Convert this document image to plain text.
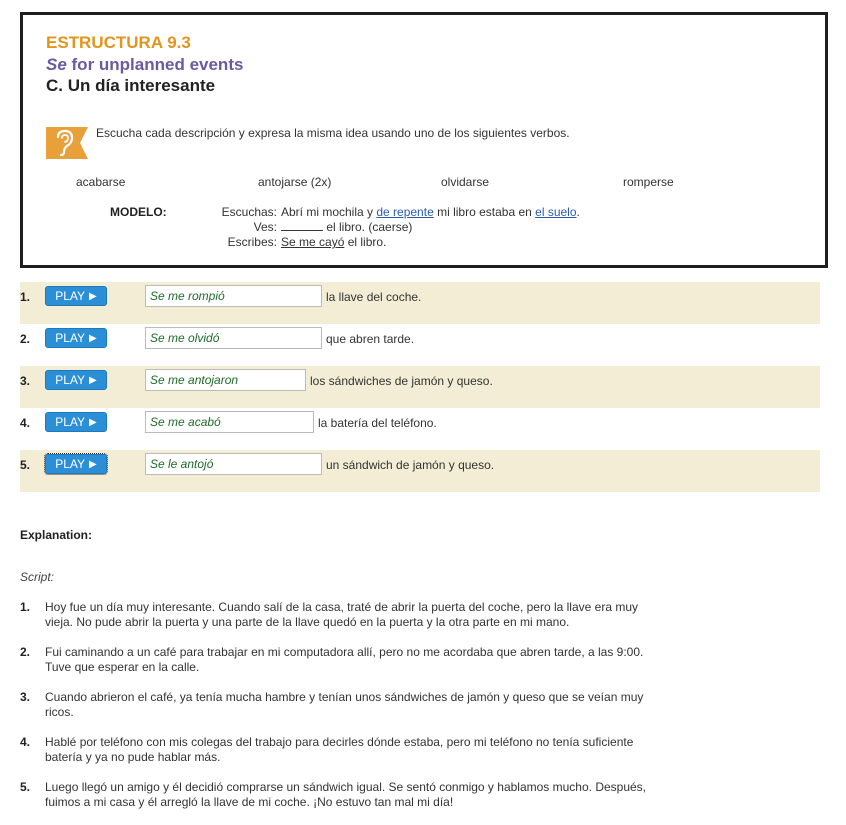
ESTRUCTURA 9.3
Se for unplanned events
C. Un día interesante
Escucha cada descripción y expresa la misma idea usando uno de los siguientes verbos.
acabarse	antojarse (2x)	olvidarse	romperse
MODELO:	Escuchas: Abrí mi mochila y de repente mi libro estaba en el suelo.
Ves:	el libro. (caerse)
Escribes: Se me cayó el libro.
1. PLAY ▶	Se me rompió	la llave del coche.
2. PLAY ▶	Se me olvidó	que abren tarde.
3. PLAY ▶	Se me antojaron	los sándwiches de jamón y queso.
4. PLAY ▶	Se me acabó	la batería del teléfono.
5. PLAY ▶	Se le antojó	un sándwich de jamón y queso.
Explanation:
Script:
1. Hoy fue un día muy interesante. Cuando salí de la casa, traté de abrir la puerta del coche, pero la llave era muy
vieja. No pude abrir la puerta y una parte de la llave quedó en la puerta y la otra parte en mi mano.
2. Fui caminando a un café para trabajar en mi computadora allí, pero no me acordaba que abren tarde, a las 9:00.
Tuve que esperar en la calle.
3. Cuando abrieron el café, ya tenía mucha hambre y tenían unos sándwiches de jamón y queso que se veían muy
ricos.
4. Hablé por teléfono con mis colegas del trabajo para decirles dónde estaba, pero mi teléfono no tenía suficiente
batería y ya no pude hablar más.
5. Luego llegó un amigo y él decidió comprarse un sándwich igual. Se sentó conmigo y hablamos mucho. Después,
fuimos a mi casa y él arregló la llave de mi coche. ¡No estuvo tan mal mi día!
